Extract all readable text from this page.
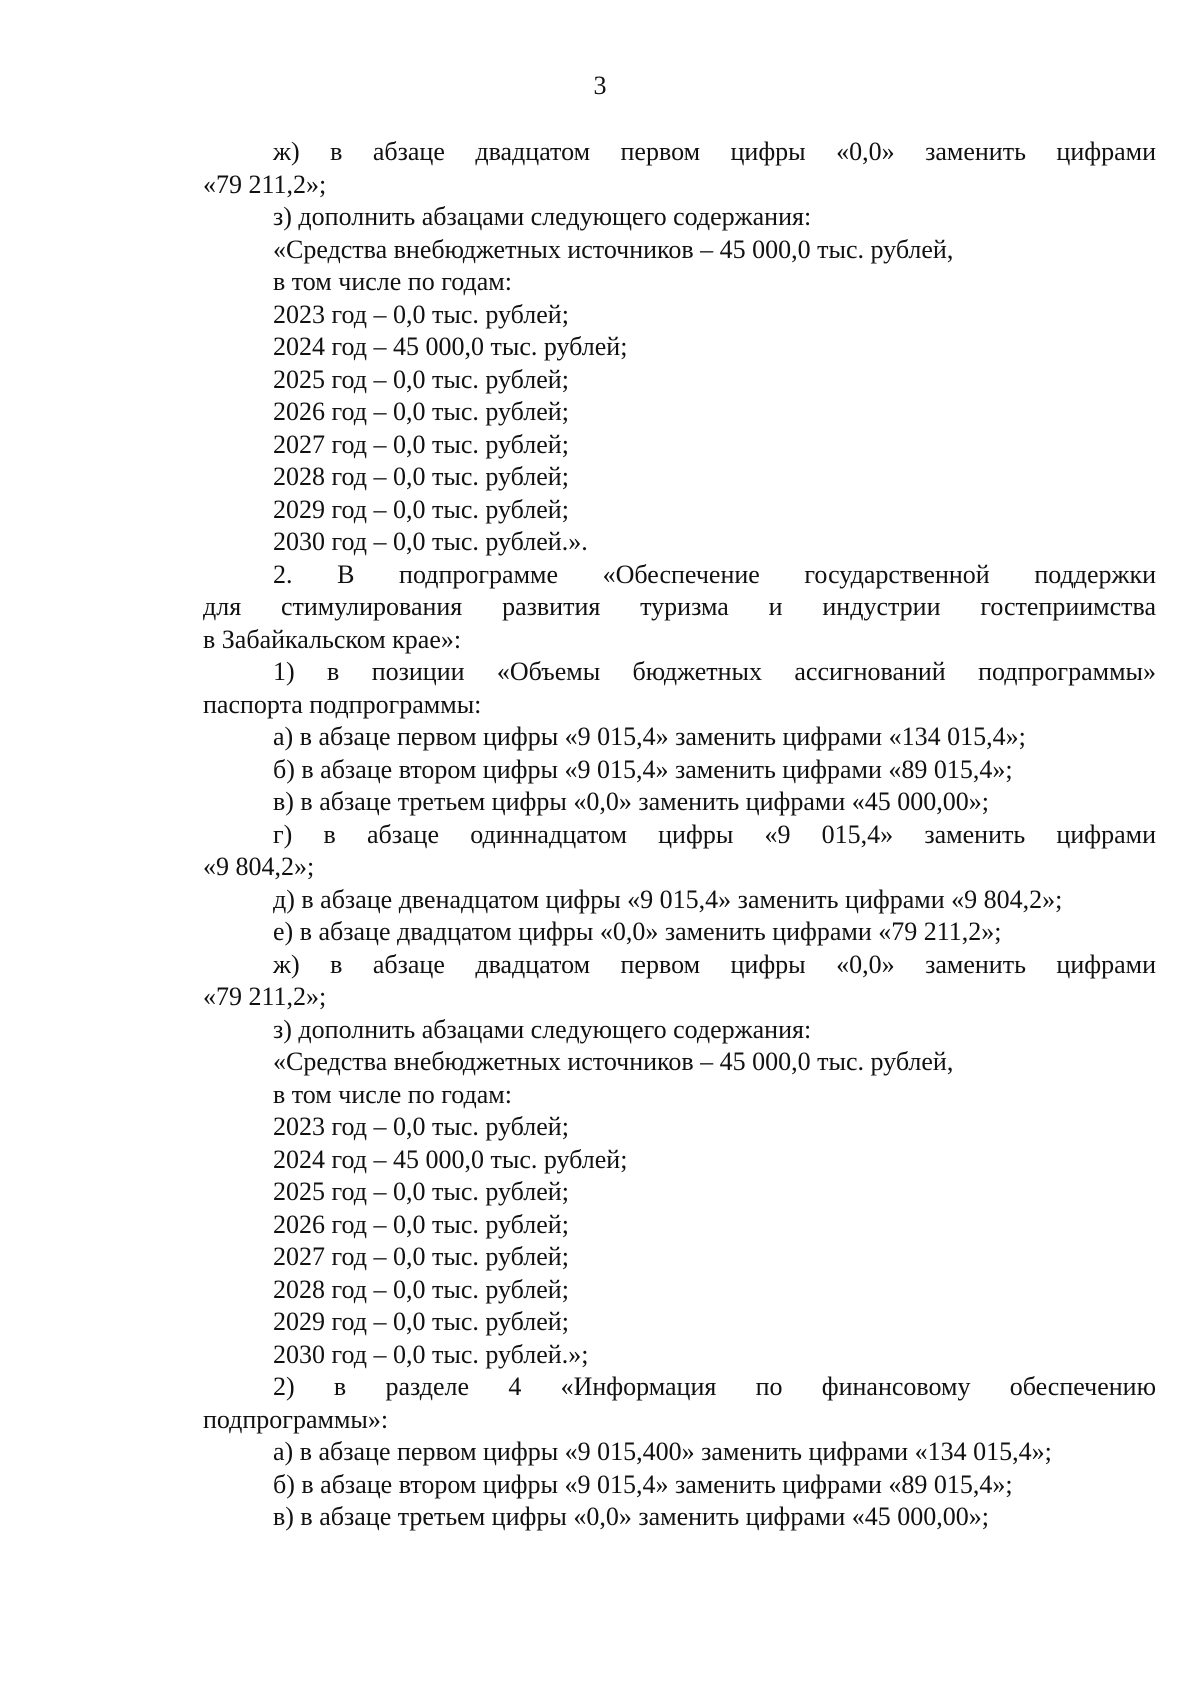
3
ж) в абзаце двадцатом первом цифры «0,0» заменить цифрами
«79 211,2»;
з) дополнить абзацами следующего содержания:
«Средства внебюджетных источников – 45 000,0 тыс. рублей,
в том числе по годам:
2023 год – 0,0 тыс. рублей;
2024 год – 45 000,0 тыс. рублей;
2025 год – 0,0 тыс. рублей;
2026 год – 0,0 тыс. рублей;
2027 год – 0,0 тыс. рублей;
2028 год – 0,0 тыс. рублей;
2029 год – 0,0 тыс. рублей;
2030 год – 0,0 тыс. рублей.».
2. В подпрограмме «Обеспечение государственной поддержки
для стимулирования развития туризма и индустрии гостеприимства
в Забайкальском крае»:
1) в позиции «Объемы бюджетных ассигнований подпрограммы»
паспорта подпрограммы:
а) в абзаце первом цифры «9 015,4» заменить цифрами «134 015,4»;
б) в абзаце втором цифры «9 015,4» заменить цифрами «89 015,4»;
в) в абзаце третьем цифры «0,0» заменить цифрами «45 000,00»;
г) в абзаце одиннадцатом цифры «9 015,4» заменить цифрами
«9 804,2»;
д) в абзаце двенадцатом цифры «9 015,4» заменить цифрами «9 804,2»;
е) в абзаце двадцатом цифры «0,0» заменить цифрами «79 211,2»;
ж) в абзаце двадцатом первом цифры «0,0» заменить цифрами
«79 211,2»;
з) дополнить абзацами следующего содержания:
«Средства внебюджетных источников – 45 000,0 тыс. рублей,
в том числе по годам:
2023 год – 0,0 тыс. рублей;
2024 год – 45 000,0 тыс. рублей;
2025 год – 0,0 тыс. рублей;
2026 год – 0,0 тыс. рублей;
2027 год – 0,0 тыс. рублей;
2028 год – 0,0 тыс. рублей;
2029 год – 0,0 тыс. рублей;
2030 год – 0,0 тыс. рублей.»;
2) в разделе 4 «Информация по финансовому обеспечению
подпрограммы»:
а) в абзаце первом цифры «9 015,400» заменить цифрами «134 015,4»;
б) в абзаце втором цифры «9 015,4» заменить цифрами «89 015,4»;
в) в абзаце третьем цифры «0,0» заменить цифрами «45 000,00»;
